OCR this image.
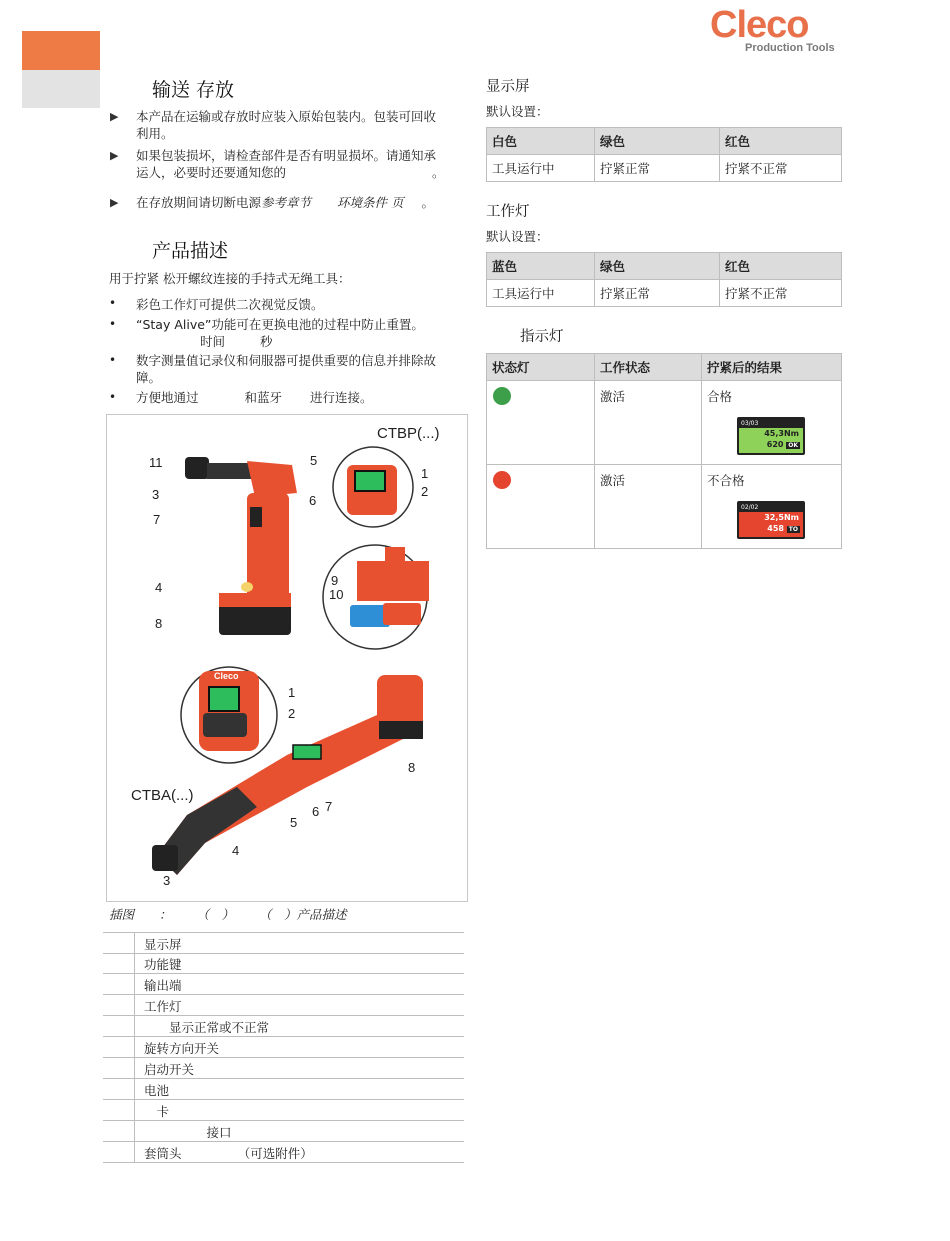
Cleco
Production Tools
输送 存放
▶ 本产品在运输或存放时应装入原始包装内。包装可回收
利用。
▶ 如果包装损坏，请检查部件是否有明显损坏。请通知承
运人，必要时还要通知您的	。
▶ 在存放期间请切断电源参考章节 环境条件 页 。
产品描述
用于拧紧 松开螺纹连接的手持式无绳工具：
• 彩色工作灯可提供二次视觉反馈。
• “Stay Alive”功能可在更换电池的过程中防止重置。
时间	秒
• 数字测量值记录仪和伺服器可提供重要的信息并排除故
障。
• 方便地通过	和蓝牙 进行连接。
CTBP(...)
CTBA(...)
Cleco
11	5
3	6
7
1
2
4	9
10
8
1
2
8
5
6 7
4
3
插图　　：　　　（　）　　　（　）产品描述
显示屏
功能键
输出端
工作灯
　　显示正常或不正常
旋转方向开关
启动开关
电池
　卡
　　　　　接口
套筒头　　　　　（可选附件）
显示屏
默认设置：
白色	绿色	红色
工具运行中	拧紧正常	拧紧不正常
工作灯
默认设置：
蓝色	绿色	红色
工具运行中	拧紧正常	拧紧不正常
指示灯
状态灯	工作状态	拧紧后的结果

	激活	合格

	激活	不合格
03/03
45,3Nm
620 OK
02/02
32,5Nm
458 TO
